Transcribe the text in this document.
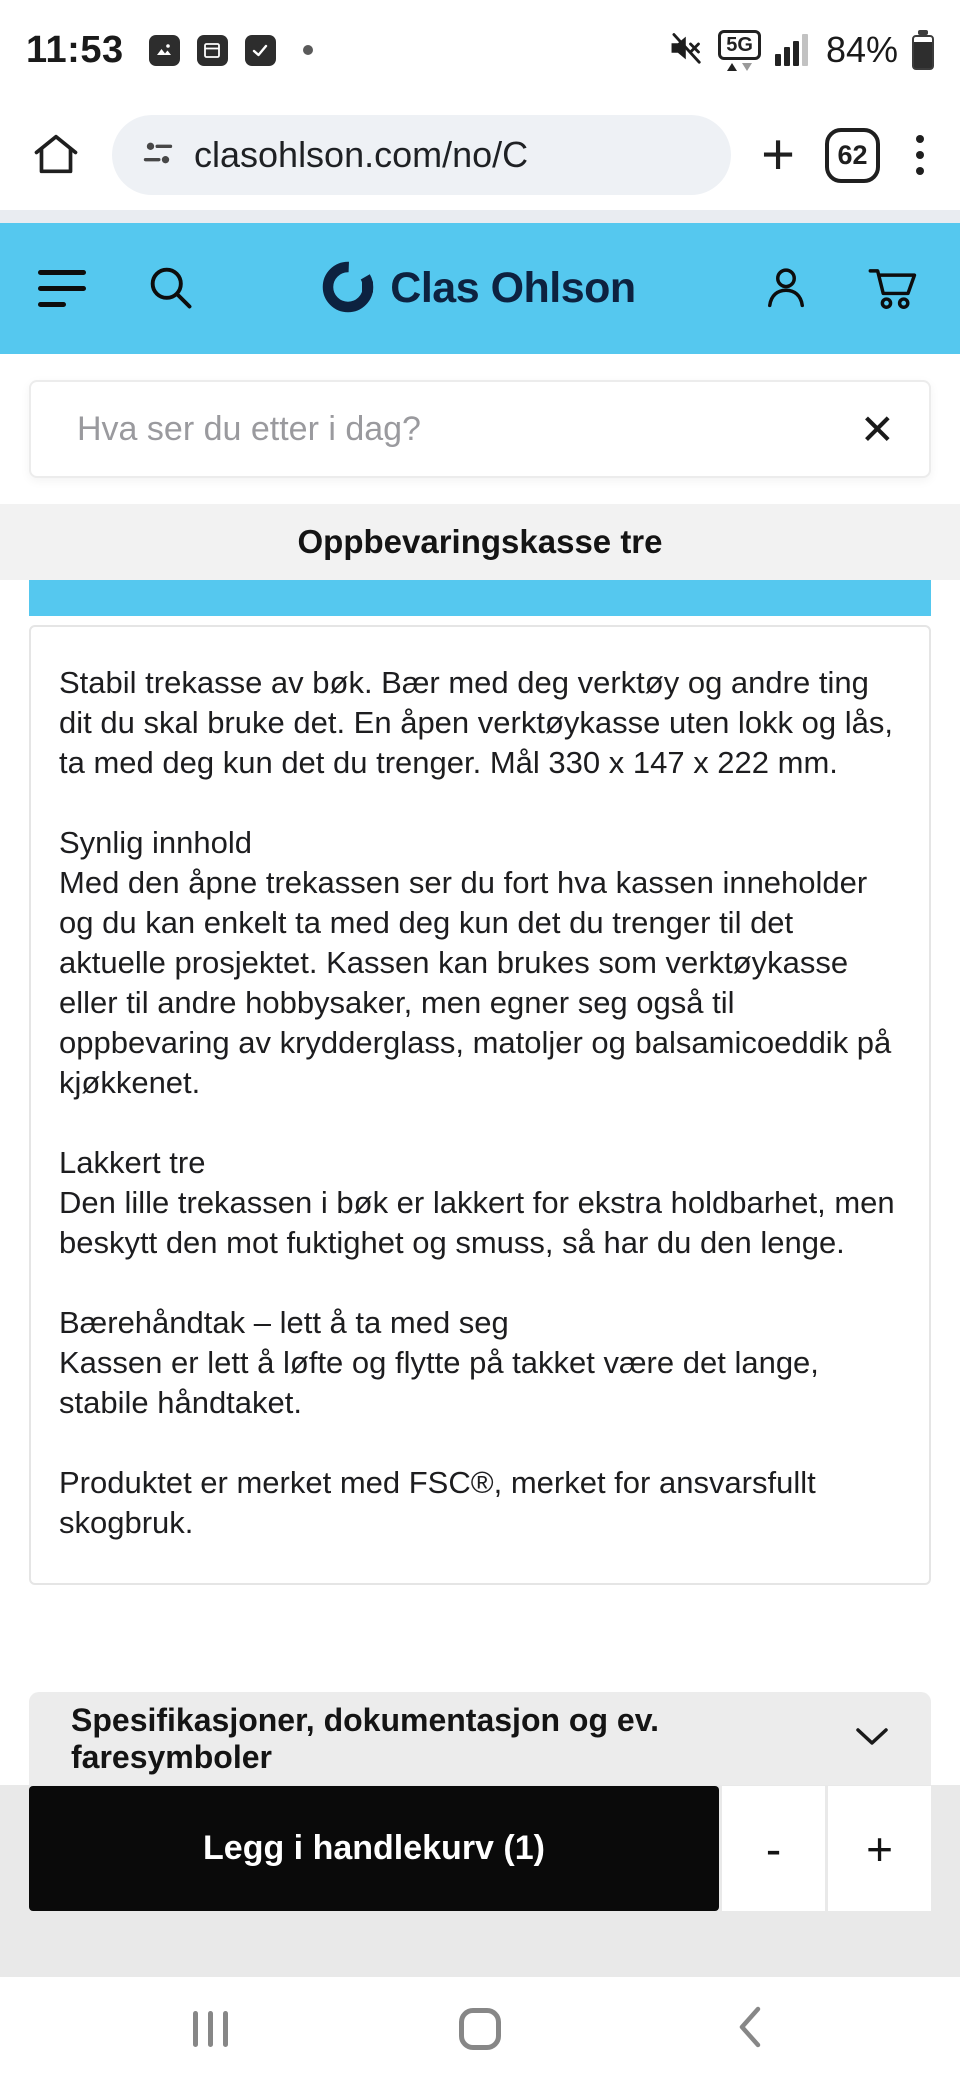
11:53	5G 84%
clasohlson.com/no/C	+	62
Clas Ohlson
Hva ser du etter i dag?
✕
Oppbevaringskasse tre

Stabil trekasse av bøk. Bær med deg verktøy og andre ting dit du skal bruke det. En åpen verktøykasse uten lokk og lås, ta med deg kun det du trenger. Mål 330 x 147 x 222 mm.

Synlig innhold
Med den åpne trekassen ser du fort hva kassen inneholder og du kan enkelt ta med deg kun det du trenger til det aktuelle prosjektet. Kassen kan brukes som verktøykasse eller til andre hobbysaker, men egner seg også til oppbevaring av krydderglass, matoljer og balsamicoeddik på kjøkkenet.
Lakkert tre
Den lille trekassen i bøk er lakkert for ekstra holdbarhet, men beskytt den mot fuktighet og smuss, så har du den lenge.
Bærehåndtak – lett å ta med seg
Kassen er lett å løfte og flytte på takket være det lange, stabile håndtaket.

Produktet er merket med FSC®, merket for ansvarsfullt skogbruk.

Spesifikasjoner, dokumentasjon og ev. faresymboler
Legg i handlekurv (1)	-	+
